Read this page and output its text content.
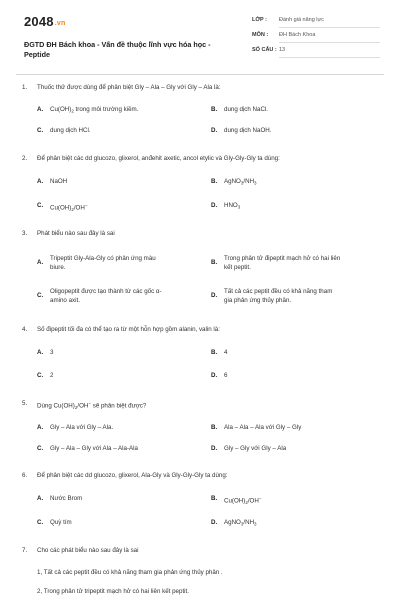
2048.vn
ĐGTD ĐH Bách khoa - Vấn đề thuộc lĩnh vực hóa học - Peptide
LỚP : Đánh giá năng lực
MÔN : ĐH Bách Khoa
SỐ CÂU : 13
1. Thuốc thử được dùng để phân biệt Gly – Ala – Gly với Gly – Ala là:
A. $Cu(OH)_2$ trong môi trường kiềm.	B. dung dịch NaCl.
C. dung dịch HCl.	D. dung dịch NaOH.
2. Để phân biệt các dd glucozo, glixerol, anđehit axetic, ancol etylic và Gly-Gly-Gly ta dùng:
A. NaOH	B. $AgNO_3/NH_3$
C. $Cu(OH)_2/OH^-$	D. $HNO_3$
3. Phát biểu nào sau đây là sai
A.
Tripeptit Gly-Ala-Gly có phản ứng màu
biure.
B.
Trong phân tử đipeptit mạch hở có hai liên
kết peptit.
C.
Oligopeptit được tạo thành từ các gốc α-
amino axit.
D.
Tất cả các peptit đều có khả năng tham
gia phản ứng thủy phân.
4. Số đipeptit tối đa có thể tạo ra từ một hỗn hợp gồm alanin, valin là:
A. 3	B. 4
C. 2	D. 6
5. Dùng $Cu(OH)_2/OH^-$ sẽ phân biệt được?
A. Gly – Ala với Gly – Ala.	B. Ala – Ala – Ala với Gly – Gly
C. Gly – Ala – Gly với Ala – Ala-Ala	D. Gly – Gly với Gly – Ala
6. Để phân biệt các dd glucozo, glixerol, Ala-Gly và Gly-Gly-Gly ta dùng:
A. Nước Brom	B. $Cu(OH)_2/OH^-$
C. Quỳ tím	D. $AgNO_3/NH_3$
7. Cho các phát biểu nào sau đây là sai
1, Tất cả các peptit đều có khả năng tham gia phản ứng thủy phân .
2, Trong phân tử tripeptit mạch hở có hai liên kết peptit.
